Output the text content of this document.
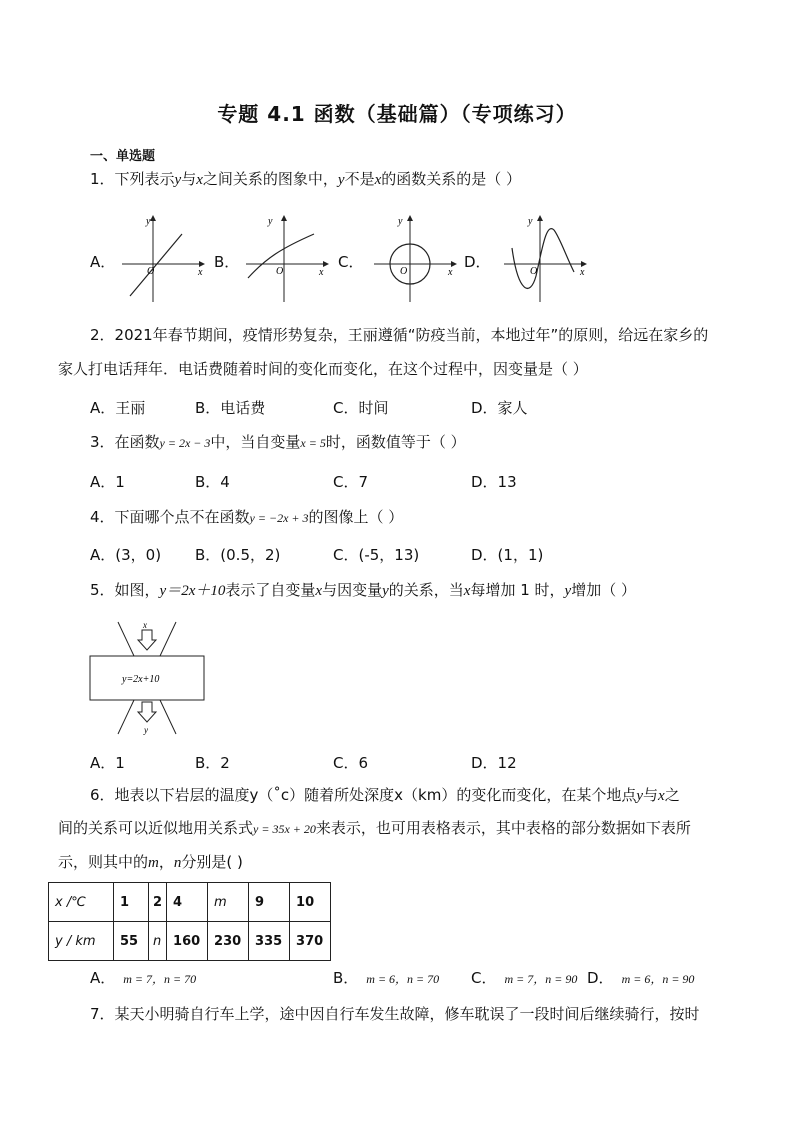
专题 4.1 函数（基础篇）（专项练习）
一、单选题
1．下列表示y与x之间关系的图象中，y不是x的函数关系的是（ ）
A．	B．	C．	D．
y
x
O
y
x
O
y
x
O
y
x
O
2．2021年春节期间，疫情形势复杂，王丽遵循“防疫当前，本地过年”的原则，给远在家乡的
家人打电话拜年．电话费随着时间的变化而变化，在这个过程中，因变量是（ ）
A．王丽	B．电话费	C．时间	D．家人
3．在函数y = 2x − 3中，当自变量x = 5时，函数值等于（ ）
A．1	B．4	C．7	D．13
4．下面哪个点不在函数y = −2x + 3的图像上（ ）
A．(3，0) B．(0.5，2)	C．(-5，13)	D．(1，1)
5．如图，y＝2x＋10表示了自变量x与因变量y的关系，当x每增加 1 时，y增加（ ）
x
y=2x+10
y
A．1	B．2	C．6	D．12
6．地表以下岩层的温度y（˚c）随着所处深度x（km）的变化而变化，在某个地点y与x之
间的关系可以近似地用关系式y = 35x + 20来表示，也可用表格表示，其中表格的部分数据如下表所
示，则其中的m，n分别是( )
x /℃	1	2	4	m	9	10
y / km	55	n	160	230	335	370
A． m = 7，n = 70	B． m = 6，n = 70 C． m = 7，n = 90 D． m = 6，n = 90
7．某天小明骑自行车上学，途中因自行车发生故障，修车耽误了一段时间后继续骑行，按时
